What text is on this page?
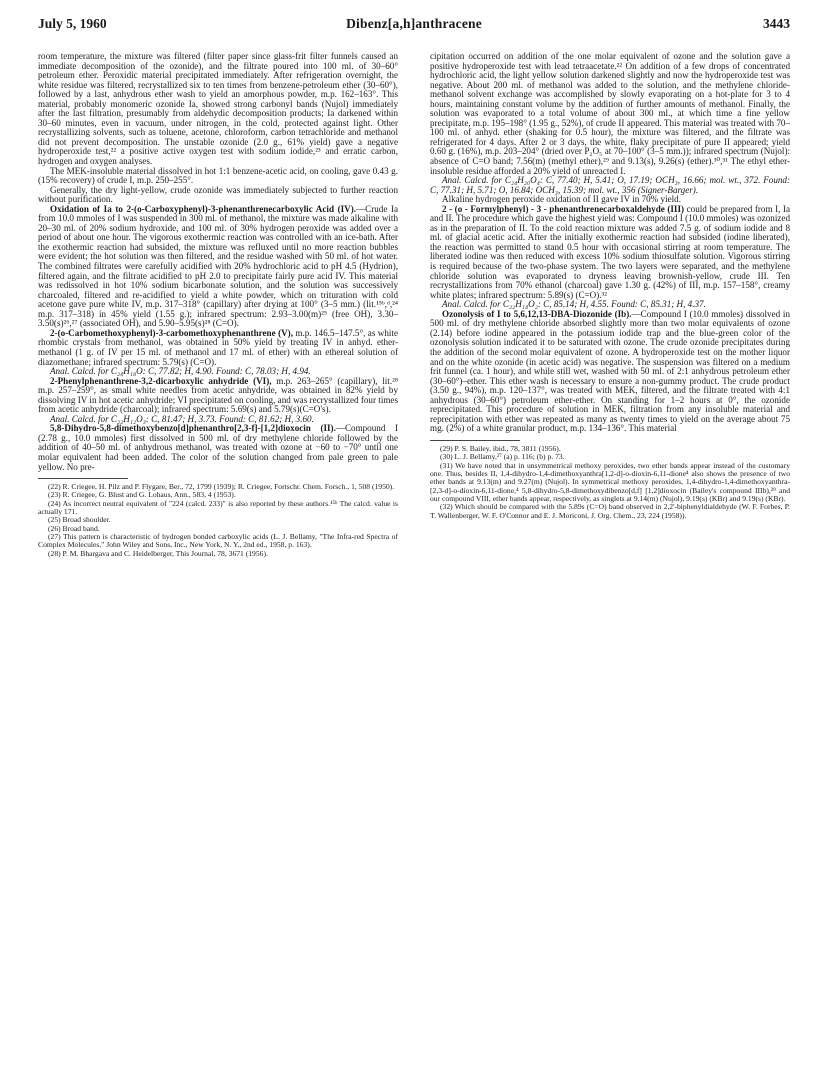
July 5, 1960	Dibenz[a,h]anthracene	3443

room temperature, the mixture was filtered (filter paper since glass-frit filter funnels caused an immediate decomposition of the ozonide), and the filtrate poured into 100 ml. of 30–60° petroleum ether. Peroxidic material precipitated immediately. After refrigeration overnight, the white residue was filtered, recrystallized six to ten times from benzene-petroleum ether (30–60°), followed by a last, anhydrous ether wash to yield an amorphous powder, m.p. 162–163°. This material, probably monomeric ozonide Ia, showed strong carbonyl bands (Nujol) immediately after the last filtration, presumably from aldehydic decomposition products; Ia darkened within 30–60 minutes, even in vacuum, under nitrogen, in the cold, protected against light. Other recrystallizing solvents, such as toluene, acetone, chloroform, carbon tetrachloride and methanol did not prevent decomposition. The unstable ozonide (2.0 g., 61% yield) gave a negative hydroperoxide test,²² a positive active oxygen test with sodium iodide,²³ and erratic carbon, hydrogen and oxygen analyses.

The MEK-insoluble material dissolved in hot 1:1 benzene-acetic acid, on cooling, gave 0.43 g. (15% recovery) of crude I, m.p. 250–255°.

Generally, the dry light-yellow, crude ozonide was immediately subjected to further reaction without purification.

Oxidation of Ia to 2-(o-Carboxyphenyl)-3-phenanthrenecarboxylic Acid (IV).—Crude Ia from 10.0 mmoles of I was suspended in 300 ml. of methanol, the mixture was made alkaline with 20–30 ml. of 20% sodium hydroxide, and 100 ml. of 30% hydrogen peroxide was added over a period of about one hour. The vigorous exothermic reaction was controlled with an ice-bath. After the exothermic reaction had subsided, the mixture was refluxed until no more reaction bubbles were evident; the hot solution was then filtered, and the residue washed with 50 ml. of hot water. The combined filtrates were carefully acidified with 20% hydrochloric acid to pH 4.5 (Hydrion), filtered again, and the filtrate acidified to pH 2.0 to precipitate fairly pure acid IV. This material was redissolved in hot 10% sodium bicarbonate solution, and the solution was successively charcoaled, filtered and re-acidified to yield a white powder, which on trituration with cold acetone gave pure white IV, m.p. 317–318° (capillary) after drying at 100° (3–5 mm.) (lit.¹⁵ᵇ,ᵈ,²⁴ m.p. 317–318) in 45% yield (1.55 g.); infrared spectrum: 2.93–3.00(m)²⁵ (free OH), 3.30–3.50(s)²⁶,²⁷ (associated OH), and 5.90–5.95(s)²⁸ (C=O).

2-(o-Carbomethoxyphenyl)-3-carbomethoxyphenanthrene (V), m.p. 146.5–147.5°, as white rhombic crystals from methanol, was obtained in 50% yield by treating IV in anhyd. ether-methanol (1 g. of IV per 15 ml. of methanol and 17 ml. of ether) with an ethereal solution of diazomethane; infrared spectrum: 5.79(s) (C=O).

Anal. Calcd. for C₂₄H₁₈O: C, 77.82; H, 4.90. Found: C, 78.03; H, 4.94.

2-Phenylphenanthrene-3,2-dicarboxylic anhydride (VI), m.p. 263–265° (capillary), lit.²⁸ m.p. 257–259°, as small white needles from acetic anhydride, was obtained in 82% yield by dissolving IV in hot acetic anhydride; VI precipitated on cooling, and was recrystallized four times from acetic anhydride (charcoal); infrared spectrum: 5.69(s) and 5.79(s)(C=O's).

Anal. Calcd. for C₂₂H₁₂O₃: C, 81.47; H, 3.73. Found: C, 81.62; H, 3.60.

5,8-Dihydro-5,8-dimethoxybenzo[d]phenanthro[2,3-f]-[1,2]dioxocin (II).—Compound I (2.78 g., 10.0 mmoles) first dissolved in 500 ml. of dry methylene chloride followed by the addition of 40–50 ml. of anhydrous methanol, was treated with ozone at −60 to −70° until one molar equivalent had been added. The color of the solution changed from pale green to pale yellow. No pre-

(22) R. Criegee, H. Pilz and P. Flygare, Ber., 72, 1799 (1939); R. Criegee, Fortschr. Chem. Forsch., 1, 508 (1950).

(23) R. Criegee, G. Blust and G. Lohaus, Ann., 583, 4 (1953).

(24) As incorrect neutral equivalent of "224 (calcd. 233)" is also reported by these authors.¹⁵ᵇ The calcd. value is actually 171.

(25) Broad shoulder.

(26) Broad band.

(27) This pattern is characteristic of hydrogen bonded carboxylic acids (L. J. Bellamy, "The Infra-red Spectra of Complex Molecules," John Wiley and Sons, Inc., New York, N. Y., 2nd ed., 1958, p. 163).

(28) P. M. Bhargava and C. Heidelberger, This Journal, 78, 3671 (1956).

cipitation occurred on addition of the one molar equivalent of ozone and the solution gave a positive hydroperoxide test with lead tetraacetate.²² On addition of a few drops of concentrated hydrochloric acid, the light yellow solution darkened slightly and now the hydroperoxide test was negative. About 200 ml. of methanol was added to the solution, and the methylene chloride-methanol solvent exchange was accomplished by slowly evaporating on a hot-plate for 3 to 4 hours, maintaining constant volume by the addition of further amounts of methanol. Finally, the solution was evaporated to a total volume of about 300 ml., at which time a fine yellow precipitate, m.p. 195–198° (1.95 g., 52%), of crude II appeared. This material was treated with 70–100 ml. of anhyd. ether (shaking for 0.5 hour), the mixture was filtered, and the filtrate was refrigerated for 4 days. After 2 or 3 days, the white, flaky precipitate of pure II appeared; yield 0.60 g. (16%), m.p. 203–204° (dried over P₂O₅ at 70–100° (3–5 mm.)); infrared spectrum (Nujol): absence of C=O band; 7.56(m) (methyl ether),²⁹ and 9.13(s), 9.26(s) (ether).³⁰,³¹ The ethyl ether-insoluble residue afforded a 20% yield of unreacted I.

Anal. Calcd. for C₂₄H₂₀O₄: C, 77.40; H, 5.41; O, 17.19; OCH₃, 16.66; mol. wt., 372. Found: C, 77.31; H, 5.71; O, 16.84; OCH₃, 15.39; mol. wt., 356 (Signer-Barger).

Alkaline hydrogen peroxide oxidation of II gave IV in 70% yield.

2 - (o - Formylphenyl) - 3 - phenanthrenecarboxaldehyde (III) could be prepared from I, Ia and II. The procedure which gave the highest yield was: Compound I (10.0 mmoles) was ozonized as in the preparation of II. To the cold reaction mixture was added 7.5 g. of sodium iodide and 8 ml. of glacial acetic acid. After the initially exothermic reaction had subsided (iodine liberated), the reaction was permitted to stand 0.5 hour with occasional stirring at room temperature. The liberated iodine was then reduced with excess 10% sodium thiosulfate solution. Vigorous stirring is required because of the two-phase system. The two layers were separated, and the methylene chloride solution was evaporated to dryness leaving brownish-yellow, crude III. Ten recrystallizations from 70% ethanol (charcoal) gave 1.30 g. (42%) of III, m.p. 157–158°, creamy white plates; infrared spectrum: 5.89(s) (C=O).³²

Anal. Calcd. for C₂₂H₁₄O₂: C, 85.14; H, 4.55. Found: C, 85.31; H, 4.37.

Ozonolysis of I to 5,6,12,13-DBA-Diozonide (Ib).—Compound I (10.0 mmoles) dissolved in 500 ml. of dry methylene chloride absorbed slightly more than two molar equivalents of ozone (2.14) before iodine appeared in the potassium iodide trap and the blue-green color of the ozonolysis solution indicated it to be saturated with ozone. The crude ozonide precipitates during the addition of the second molar equivalent of ozone. A hydroperoxide test on the mother liquor and on the white ozonide (in acetic acid) was negative. The suspension was filtered on a medium frit funnel (ca. 1 hour), and while still wet, washed with 50 ml. of 2:1 anhydrous petroleum ether (30–60°)–ether. This ether wash is necessary to ensure a non-gummy product. The crude product (3.50 g., 94%), m.p. 120–137°, was treated with MEK, filtered, and the filtrate treated with 4:1 anhydrous (30–60°) petroleum ether-ether. On standing for 1–2 hours at 0°, the ozonide reprecipitated. This procedure of solution in MEK, filtration from any insoluble material and reprecipitation with ether was repeated as many as twenty times to yield on the average about 75 mg. (2%) of a white granular product, m.p. 134–136°. This material

(29) P. S. Bailey, ibid., 78, 3811 (1956).

(30) L. J. Bellamy,²⁷ (a) p. 116; (b) p. 73.

(31) We have noted that in unsymmetrical methoxy peroxides, two ether bands appear instead of the customary one. Thus, besides II, 1,4-dihydro-1,4-dimethoxyanthra[1,2-d]-o-dioxin-6,11-dione⁴ also shows the presence of two ether bands at 9.13(m) and 9.27(m) (Nujol). In symmetrical methoxy peroxides, 1,4-dihydro-1,4-dimethoxyanthra-[2,3-d]-o-dioxin-6,11-dione,⁴ 5,8-dihydro-5,8-dimethoxydibenzo[d,f] [1,2]dioxocin (Bailey's compound IIIb),²⁹ and our compound VIII, ether bands appear, respectively, as singlets at 9.14(m) (Nujol), 9.19(s) (KBr) and 9.19(s) (KBr).

(32) Which should be compared with the 5.89s (C=O) band observed in 2,2'-biphenyldialdehyde (W. F. Forbes, P. T. Wallenberger, W. F. O'Connor and E. J. Moriconi, J. Org. Chem., 23, 224 (1958)).
